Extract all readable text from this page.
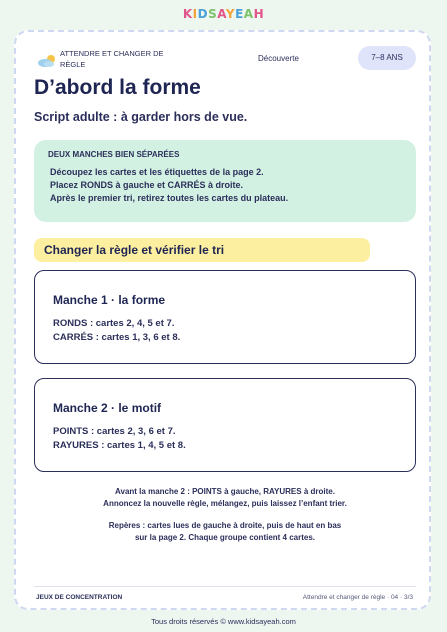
KIDSAYEAH
ATTENDRE ET CHANGER DE RÈGLE
Découverte	7–8 ANS
D’abord la forme
Script adulte : à garder hors de vue.
DEUX MANCHES BIEN SÉPARÉES
Découpez les cartes et les étiquettes de la page 2.
Placez RONDS à gauche et CARRÉS à droite.
Après le premier tri, retirez toutes les cartes du plateau.
Changer la règle et vérifier le tri
Manche 1 · la forme
RONDS : cartes 2, 4, 5 et 7.
CARRÉS : cartes 1, 3, 6 et 8.
Manche 2 · le motif
POINTS : cartes 2, 3, 6 et 7.
RAYURES : cartes 1, 4, 5 et 8.
Avant la manche 2 : POINTS à gauche, RAYURES à droite.
Annoncez la nouvelle règle, mélangez, puis laissez l’enfant trier.
Repères : cartes lues de gauche à droite, puis de haut en bas
sur la page 2. Chaque groupe contient 4 cartes.
JEUX DE CONCENTRATION	Attendre et changer de règle · 04 · 3/3
Tous droits réservés © www.kidsayeah.com
